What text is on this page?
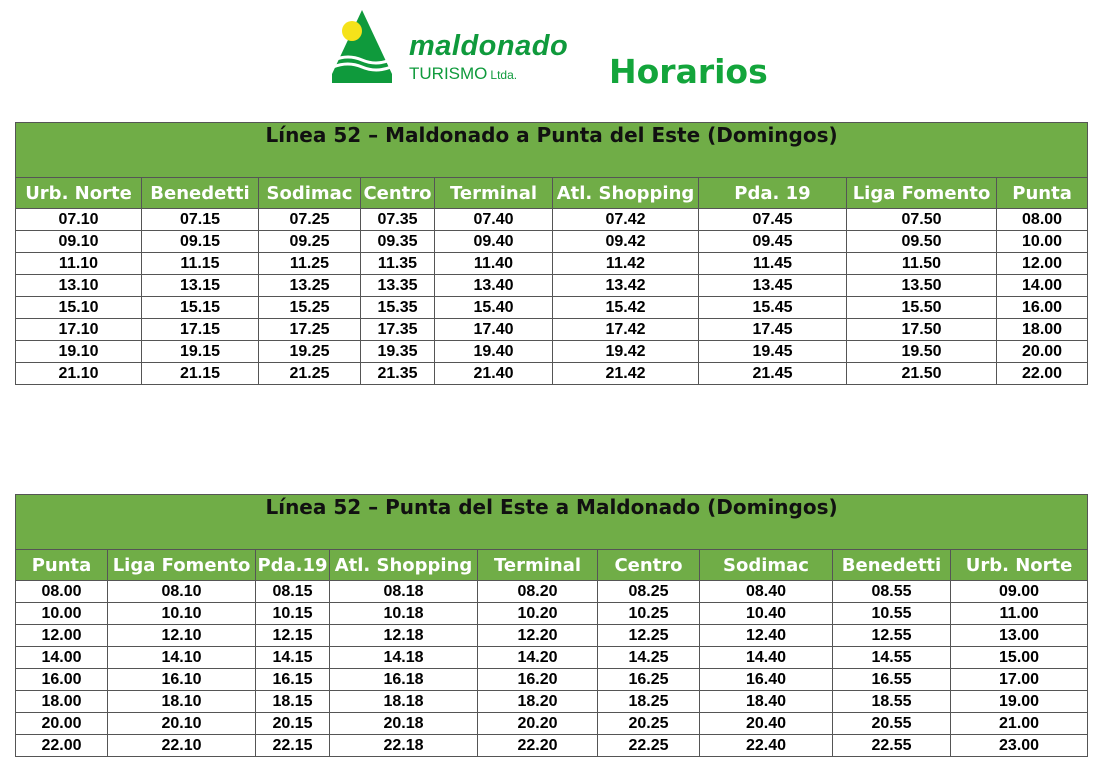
maldonado
TURISMO Ltda.	Horarios
Línea 52 – Maldonado a Punta del Este (Domingos)								
Urb. Norte	Benedetti	Sodimac	Centro	Terminal	Atl. Shopping	Pda. 19	Liga Fomento	Punta
07.10	07.15	07.25	07.35	07.40	07.42	07.45	07.50	08.00
09.10	09.15	09.25	09.35	09.40	09.42	09.45	09.50	10.00
11.10	11.15	11.25	11.35	11.40	11.42	11.45	11.50	12.00
13.10	13.15	13.25	13.35	13.40	13.42	13.45	13.50	14.00
15.10	15.15	15.25	15.35	15.40	15.42	15.45	15.50	16.00
17.10	17.15	17.25	17.35	17.40	17.42	17.45	17.50	18.00
19.10	19.15	19.25	19.35	19.40	19.42	19.45	19.50	20.00
21.10	21.15	21.25	21.35	21.40	21.42	21.45	21.50	22.00
Línea 52 – Punta del Este a Maldonado (Domingos)								
Punta	Liga Fomento	Pda.19	Atl. Shopping	Terminal	Centro	Sodimac	Benedetti	Urb. Norte
08.00	08.10	08.15	08.18	08.20	08.25	08.40	08.55	09.00
10.00	10.10	10.15	10.18	10.20	10.25	10.40	10.55	11.00
12.00	12.10	12.15	12.18	12.20	12.25	12.40	12.55	13.00
14.00	14.10	14.15	14.18	14.20	14.25	14.40	14.55	15.00
16.00	16.10	16.15	16.18	16.20	16.25	16.40	16.55	17.00
18.00	18.10	18.15	18.18	18.20	18.25	18.40	18.55	19.00
20.00	20.10	20.15	20.18	20.20	20.25	20.40	20.55	21.00
22.00	22.10	22.15	22.18	22.20	22.25	22.40	22.55	23.00
